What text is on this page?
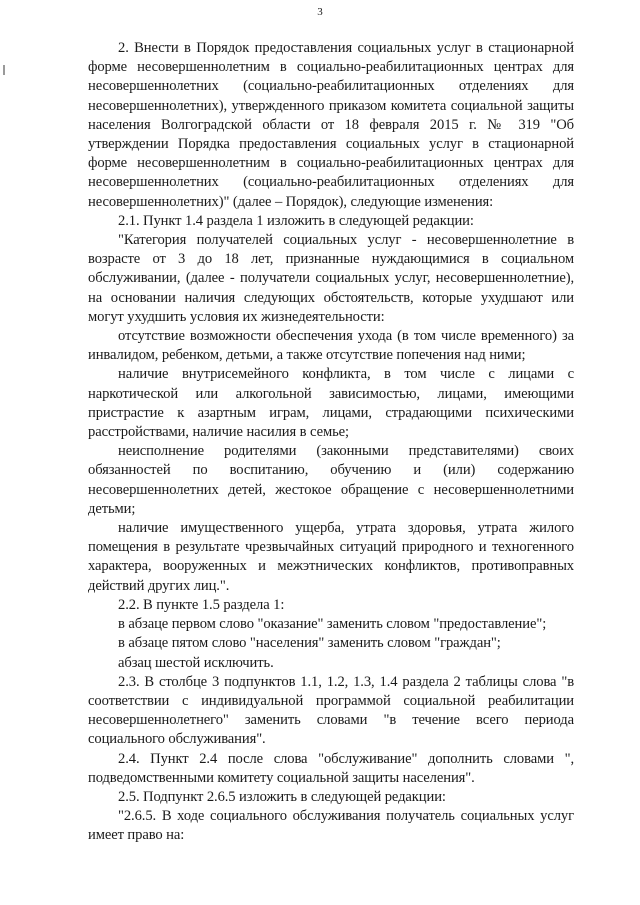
3

2. Внести в Порядок предоставления социальных услуг в стационарной форме несовершеннолетним в социально-реабилитационных центрах для несовершеннолетних (социально-реабилитационных отделениях для несовершеннолетних), утвержденного приказом комитета социальной защиты населения Волгоградской области от 18 февраля 2015 г. № 319 "Об утверждении Порядка предоставления социальных услуг в стационарной форме несовершеннолетним в социально-реабилитационных центрах для несовершеннолетних (социально-реабилитационных отделениях для несовершеннолетних)" (далее – Порядок), следующие изменения:

2.1. Пункт 1.4 раздела 1 изложить в следующей редакции:

"Категория получателей социальных услуг - несовершеннолетние в возрасте от 3 до 18 лет, признанные нуждающимися в социальном обслуживании, (далее - получатели социальных услуг, несовершеннолетние), на основании наличия следующих обстоятельств, которые ухудшают или могут ухудшить условия их жизнедеятельности:

отсутствие возможности обеспечения ухода (в том числе временного) за инвалидом, ребенком, детьми, а также отсутствие попечения над ними;

наличие внутрисемейного конфликта, в том числе с лицами с наркотической или алкогольной зависимостью, лицами, имеющими пристрастие к азартным играм, лицами, страдающими психическими расстройствами, наличие насилия в семье;

неисполнение родителями (законными представителями) своих обязанностей по воспитанию, обучению и (или) содержанию несовершеннолетних детей, жестокое обращение с несовершеннолетними детьми;

наличие имущественного ущерба, утрата здоровья, утрата жилого помещения в результате чрезвычайных ситуаций природного и техногенного характера, вооруженных и межэтнических конфликтов, противоправных действий других лиц.".

2.2. В пункте 1.5 раздела 1:

в абзаце первом слово "оказание" заменить словом "предоставление";

в абзаце пятом слово "населения" заменить словом "граждан";

абзац шестой исключить.

2.3. В столбце 3 подпунктов 1.1, 1.2, 1.3, 1.4 раздела 2 таблицы слова "в соответствии с индивидуальной программой социальной реабилитации несовершеннолетнего" заменить словами "в течение всего периода социального обслуживания".

2.4. Пункт 2.4 после слова "обслуживание" дополнить словами ", подведомственными комитету социальной защиты населения".

2.5. Подпункт 2.6.5 изложить в следующей редакции:

"2.6.5. В ходе социального обслуживания получатель социальных услуг имеет право на:
